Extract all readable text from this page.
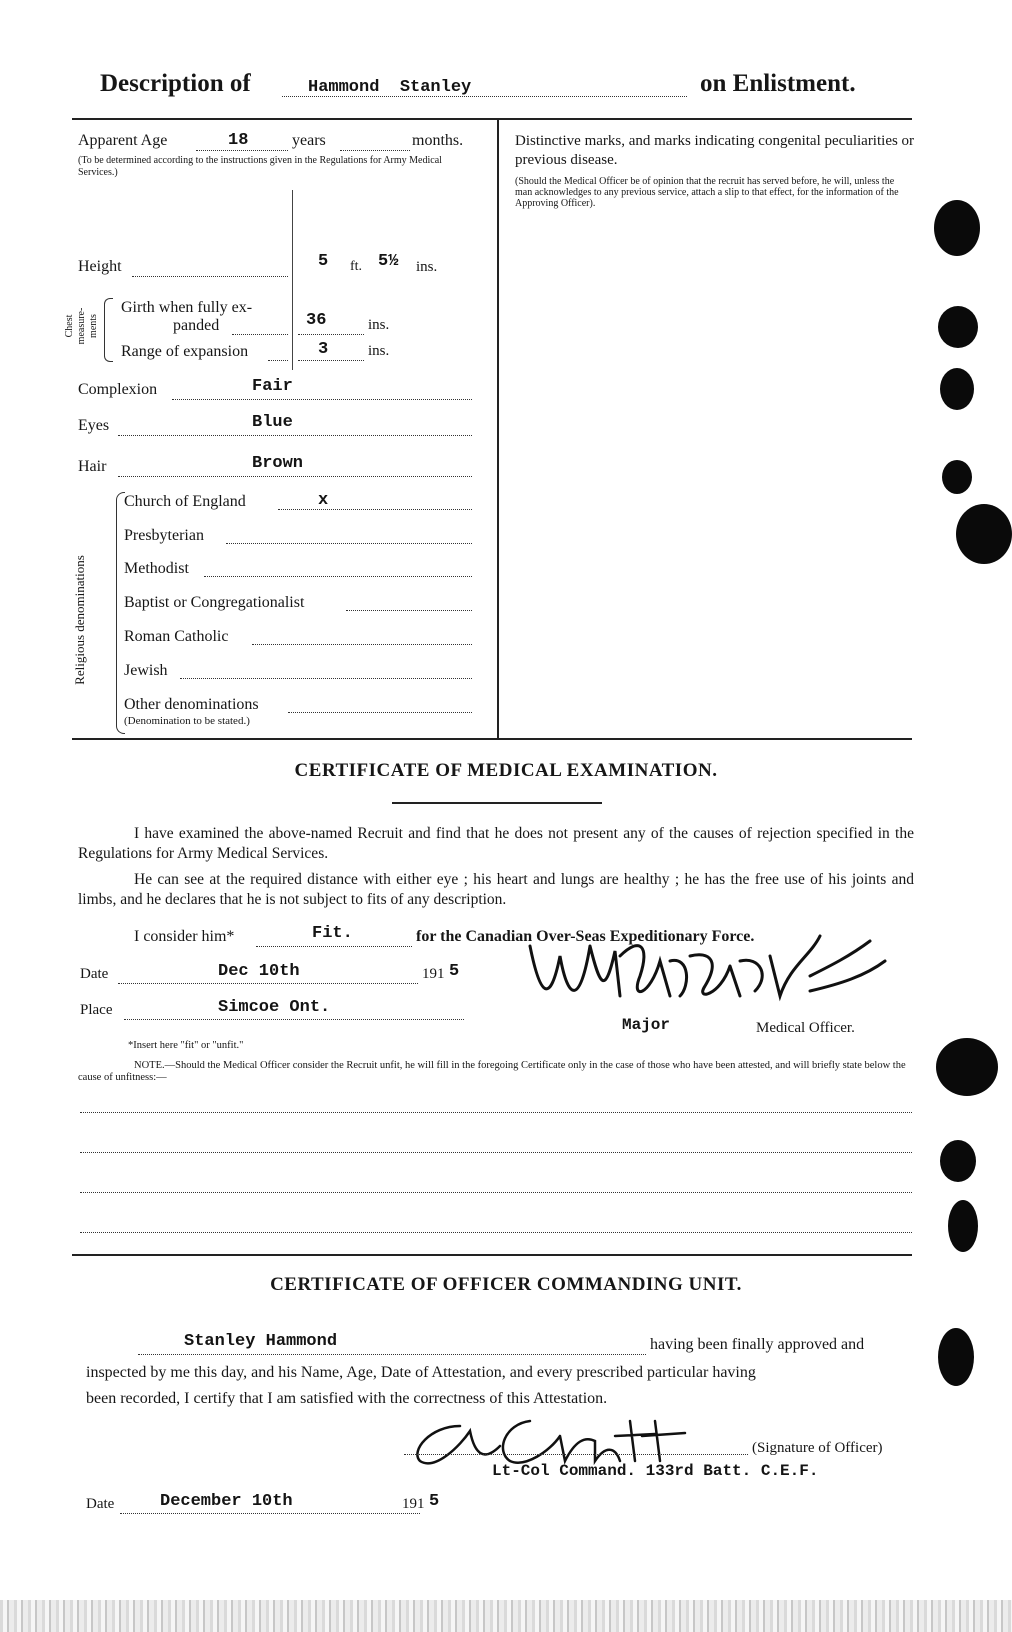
Description of	Hammond  Stanley	on Enlistment.
Apparent Age	18	years	months.
(To be determined according to the instructions given in the Regulations for Army Medical Services.)
Height	5 ft. 5½ ins.
Chest measure-ments
Girth when fully ex-
panded	36	ins.
Range of expansion	3	ins.
Complexion	Fair
Eyes	Blue
Hair	Brown
Religious denominations
Church of England	x
Presbyterian
Methodist
Baptist or Congregationalist
Roman Catholic
Jewish
Other denominations
(Denomination to be stated.)
Distinctive marks, and marks indicating congenital peculiarities or previous disease.
(Should the Medical Officer be of opinion that the recruit has served before, he will, unless the man acknowledges to any previous service, attach a slip to that effect, for the information of the Approving Officer).
CERTIFICATE OF MEDICAL EXAMINATION.
I have examined the above-named Recruit and find that he does not present any of the causes of rejection specified in the Regulations for Army Medical Services.
He can see at the required distance with either eye ; his heart and lungs are healthy ; he has the free use of his joints and limbs, and he declares that he is not subject to fits of any description.
I consider him*	Fit.	for the Canadian Over-Seas Expeditionary Force.
Date	Dec 10th	191 5
Place	Simcoe Ont.
Major	Medical Officer.
*Insert here "fit" or "unfit."
NOTE.—Should the Medical Officer consider the Recruit unfit, he will fill in the foregoing Certificate only in the case of those who have been attested, and will briefly state below the cause of unfitness:—
CERTIFICATE OF OFFICER COMMANDING UNIT.
Stanley Hammond	having been finally approved and
inspected by me this day, and his Name, Age, Date of Attestation, and every prescribed particular having
been recorded, I certify that I am satisfied with the correctness of this Attestation.
(Signature of Officer)
Lt-Col Command. 133rd Batt. C.E.F.
Date	December 10th	191 5
